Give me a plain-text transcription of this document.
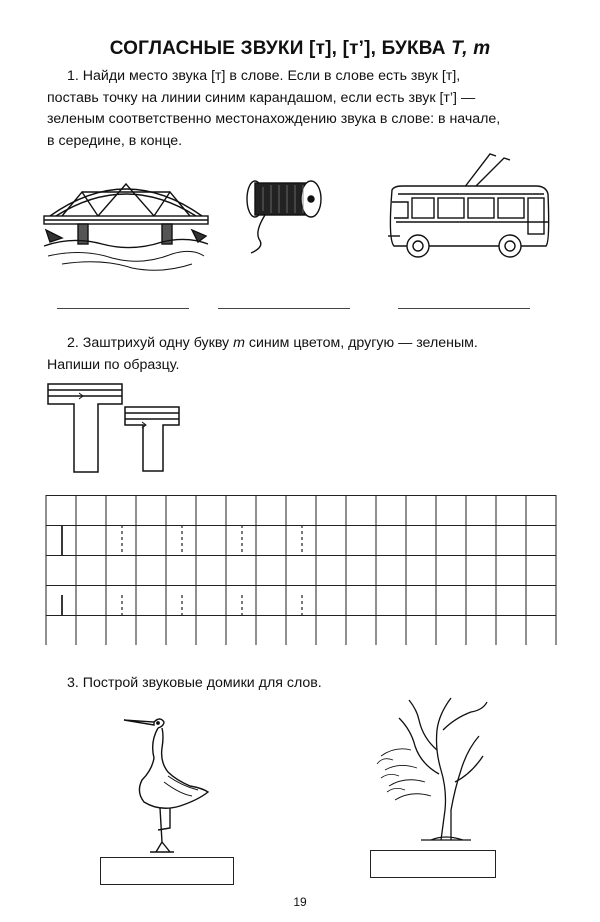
СОГЛАСНЫЕ ЗВУКИ [т], [т’], БУКВА Т, т

1. Найди место звука [т] в слове. Если в слове есть звук [т],
поставь точку на линии синим карандашом, если есть звук [т’] —
зеленым соответственно местонахождению звука в слове: в начале,
в середине, в конце.

2. Заштрихуй одну букву т синим цветом, другую — зеленым.
Напиши по образцу.

3. Построй звуковые домики для слов.
19
